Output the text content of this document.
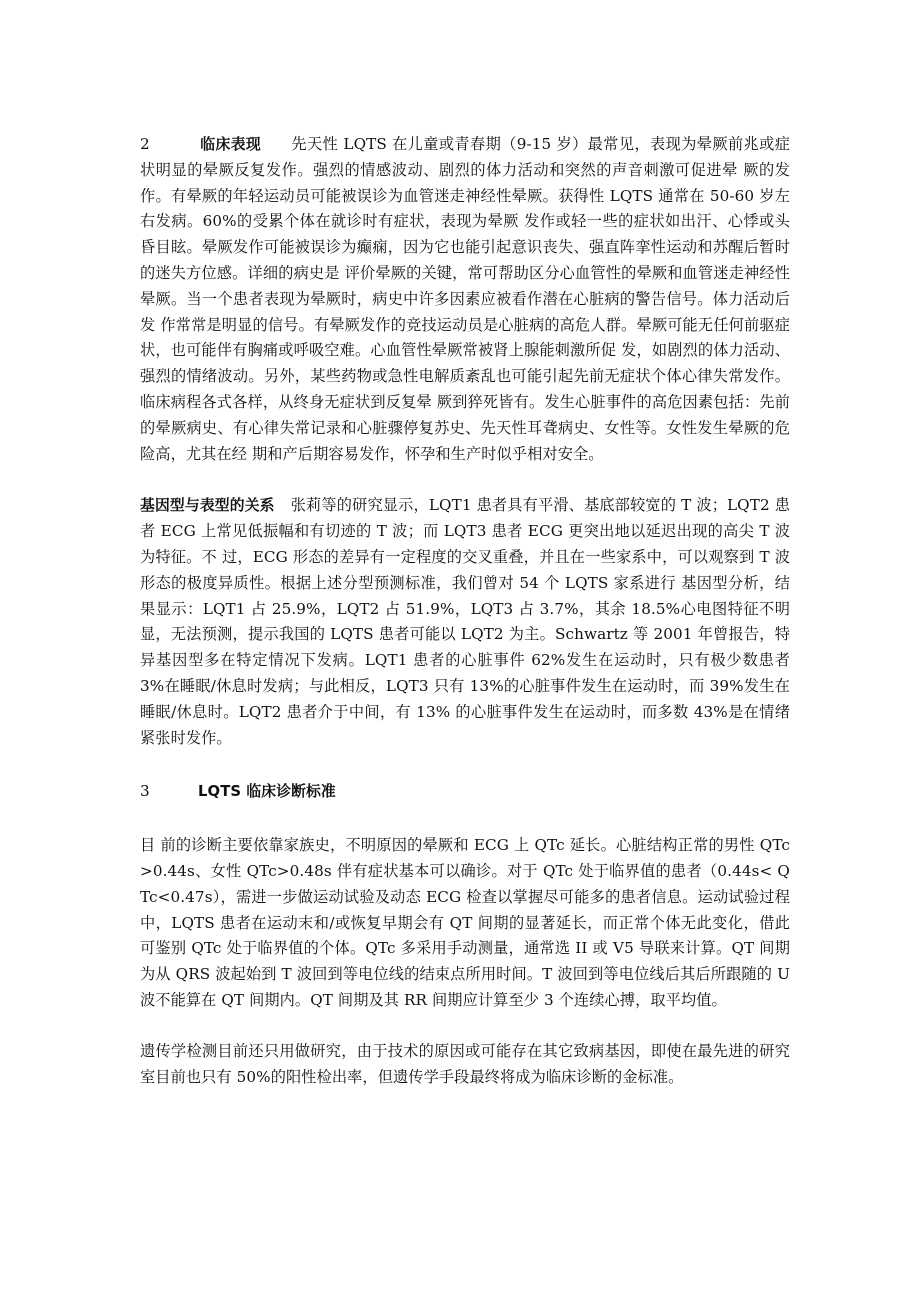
2	临床表现 先天性 LQTS 在儿童或青春期（9-15 岁）最常见，表现为晕厥前兆或症状明显的晕厥反复发作。强烈的情感波动、剧烈的体力活动和突然的声音刺激可促进晕 厥的发作。有晕厥的年轻运动员可能被误诊为血管迷走神经性晕厥。获得性 LQTS 通常在 50-60 岁左右发病。60%的受累个体在就诊时有症状，表现为晕厥 发作或轻一些的症状如出汗、心悸或头昏目眩。晕厥发作可能被误诊为癫痫，因为它也能引起意识丧失、强直阵挛性运动和苏醒后暂时的迷失方位感。详细的病史是 评价晕厥的关键，常可帮助区分心血管性的晕厥和血管迷走神经性晕厥。当一个患者表现为晕厥时，病史中许多因素应被看作潜在心脏病的警告信号。体力活动后发 作常常是明显的信号。有晕厥发作的竞技运动员是心脏病的高危人群。晕厥可能无任何前驱症状，也可能伴有胸痛或呼吸空难。心血管性晕厥常被肾上腺能刺激所促 发，如剧烈的体力活动、强烈的情绪波动。另外，某些药物或急性电解质紊乱也可能引起先前无症状个体心律失常发作。临床病程各式各样，从终身无症状到反复晕 厥到猝死皆有。发生心脏事件的高危因素包括：先前的晕厥病史、有心律失常记录和心脏骤停复苏史、先天性耳聋病史、女性等。女性发生晕厥的危险高，尤其在经 期和产后期容易发作，怀孕和生产时似乎相对安全。

基因型与表型的关系 张莉等的研究显示，LQT1 患者具有平滑、基底部较宽的 T 波；LQT2 患者 ECG 上常见低振幅和有切迹的 T 波；而 LQT3 患者 ECG 更突出地以延迟出现的高尖 T 波为特征。不 过，ECG 形态的差异有一定程度的交叉重叠，并且在一些家系中，可以观察到 T 波形态的极度异质性。根据上述分型预测标准，我们曾对 54 个 LQTS 家系进行 基因型分析，结果显示：LQT1 占 25.9%，LQT2 占 51.9%，LQT3 占 3.7%，其余 18.5%心电图特征不明显，无法预测，提示我国的 LQTS 患者可能以 LQT2 为主。Schwartz 等 2001 年曾报告，特异基因型多在特定情况下发病。LQT1 患者的心脏事件 62%发生在运动时，只有极少数患者 3%在睡眠/休息时发病；与此相反，LQT3 只有 13%的心脏事件发生在运动时，而 39%发生在睡眠/休息时。LQT2 患者介于中间，有 13% 的心脏事件发生在运动时，而多数 43%是在情绪紧张时发作。

3	LQTS 临床诊断标准

目 前的诊断主要依靠家族史，不明原因的晕厥和 ECG 上 QTc 延长。心脏结构正常的男性 QTc>0.44s、女性 QTc>0.48s 伴有症状基本可以确诊。对于 QTc 处于临界值的患者（0.44s< QTc<0.47s），需进一步做运动试验及动态 ECG 检查以掌握尽可能多的患者信息。运动试验过程中，LQTS 患者在运动末和/或恢复早期会有 QT 间期的显著延长，而正常个体无此变化，借此可鉴别 QTc 处于临界值的个体。QTc 多采用手动测量，通常选 II 或 V5 导联来计算。QT 间期为从 QRS 波起始到 T 波回到等电位线的结束点所用时间。T 波回到等电位线后其后所跟随的 U 波不能算在 QT 间期内。QT 间期及其 RR 间期应计算至少 3 个连续心搏，取平均值。

遗传学检测目前还只用做研究，由于技术的原因或可能存在其它致病基因，即使在最先进的研究室目前也只有 50%的阳性检出率，但遗传学手段最终将成为临床诊断的金标准。
